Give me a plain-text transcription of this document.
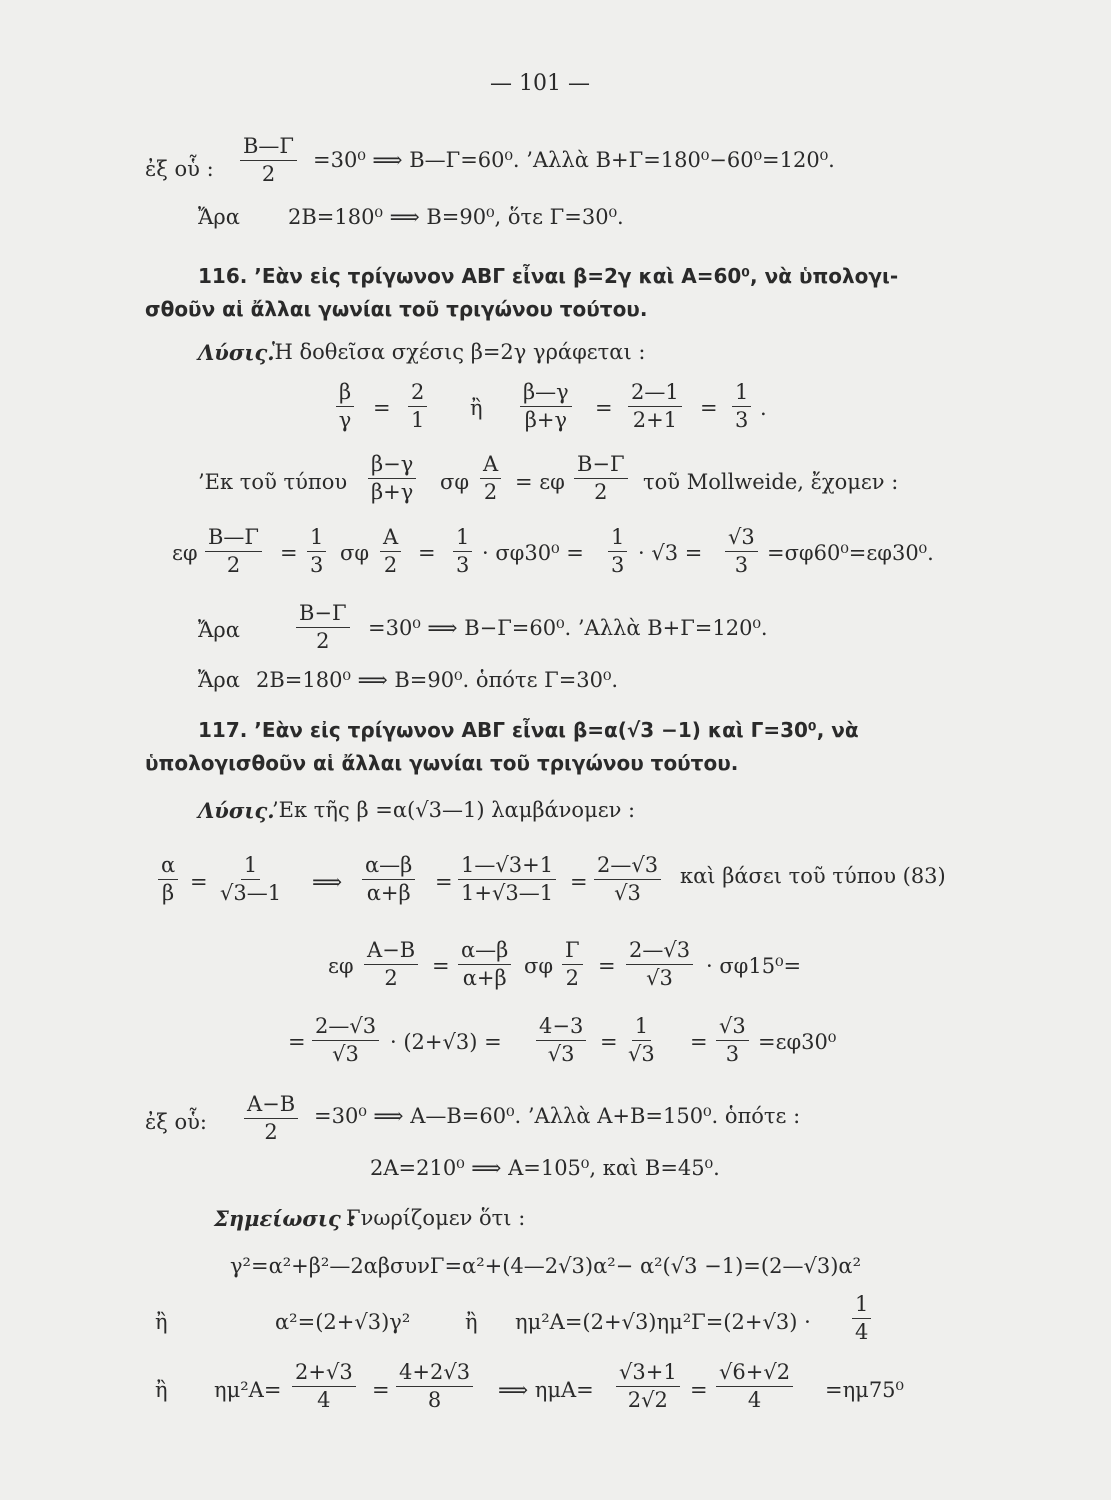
— 101 —
ἐξ οὗ : $\frac{B—\Gamma}{2} =30^0$ ⟹ Β—Γ=60⁰. ’Αλλὰ Β+Γ=180⁰−60⁰=120⁰.
Ἄρα 2Β=180⁰ ⟹ Β=90⁰, ὅτε Γ=30⁰.
116. ’Εὰν εἰς τρίγωνον ΑΒΓ εἶναι β=2γ καὶ Α=60⁰, νὰ ὑπολογι-
σθοῦν αἱ ἄλλαι γωνίαι τοῦ τριγώνου τούτου.
Λύσις.
Ἡ δοθεῖσα σχέσις β=2γ γράφεται :
$\frac{\beta}{\gamma} = \frac{2}{1}$ ἢ $\frac{\beta—\gamma}{\beta+\gamma} = \frac{2—1}{2+1} = \frac{1}{3}$ .
’Εκ τοῦ τύπου $\frac{\beta-\gamma}{\beta+\gamma}$ σφ $\frac{A}{2} = \varepsilon\varphi \frac{B-\Gamma}{2}$ τοῦ Mollweide, ἔχομεν :
εφ $\frac{B—\Gamma}{2} = \frac{1}{3}$ σφ $\frac{A}{2} = \frac{1}{3} \cdot \sigma\varphi 30^0 = \frac{1}{3} \cdot √3 = \frac{√3}{3} =\sigma\varphi 60^0=\varepsilon\varphi 30^0$.
Ἄρα	$\frac{B-\Gamma}{2} =30^0$ ⟹ Β−Γ=60⁰. ’Αλλὰ Β+Γ=120⁰.
Ἄρα 2Β=180⁰ ⟹ Β=90⁰. ὁπότε Γ=30⁰.
117. ’Εὰν εἰς τρίγωνον ΑΒΓ εἶναι β=α(√3 −1) καὶ Γ=30⁰, νὰ
ὑπολογισθοῦν αἱ ἄλλαι γωνίαι τοῦ τριγώνου τούτου.
Λύσις.
’Εκ τῆς β =α(√3—1) λαμβάνομεν :
$\frac{\alpha}{\beta} = \frac{1}{√3—1}$ ⟹ $\frac{\alpha—\beta}{\alpha+\beta} = \frac{1—√3+1}{1+√3—1} = \frac{2—√3}{√3}$ καὶ βάσει τοῦ τύπου (83)
εφ $\frac{A-B}{2} = \frac{\alpha—\beta}{\alpha+\beta}$ σφ $\frac{\Gamma}{2} = \frac{2—√3}{√3} \cdot \sigma\varphi 15^0=$
= $\frac{2—√3}{√3} \cdot (2+√3) = \frac{4-3}{√3} = \frac{1}{√3} = \frac{√3}{3} =\varepsilon\varphi 30^0$
ἐξ οὗ: $\frac{A-B}{2} =30^0$ ⟹ Α—Β=60⁰. ’Αλλὰ Α+Β=150⁰. ὁπότε :
2Α=210⁰ ⟹ Α=105⁰, καὶ Β=45⁰.
Σημείωσις :
Γνωρίζομεν ὅτι :
γ²=α²+β²—2αβσυνΓ=α²+(4—2√3)α²− α²(√3 −1)=(2—√3)α²
ἢ	α²=(2+√3)γ²	ἢ $\eta\mu^2A=(2+√3)\eta\mu^2\Gamma=(2+√3) \cdot \frac{1}{4}$
ἢ $\eta\mu^2A= \frac{2+√3}{4} = \frac{4+2√3}{8}$ ⟹ $\eta\mu A= \frac{√3+1}{2√2} = \frac{√6+√2}{4} =\eta\mu 75^0$
